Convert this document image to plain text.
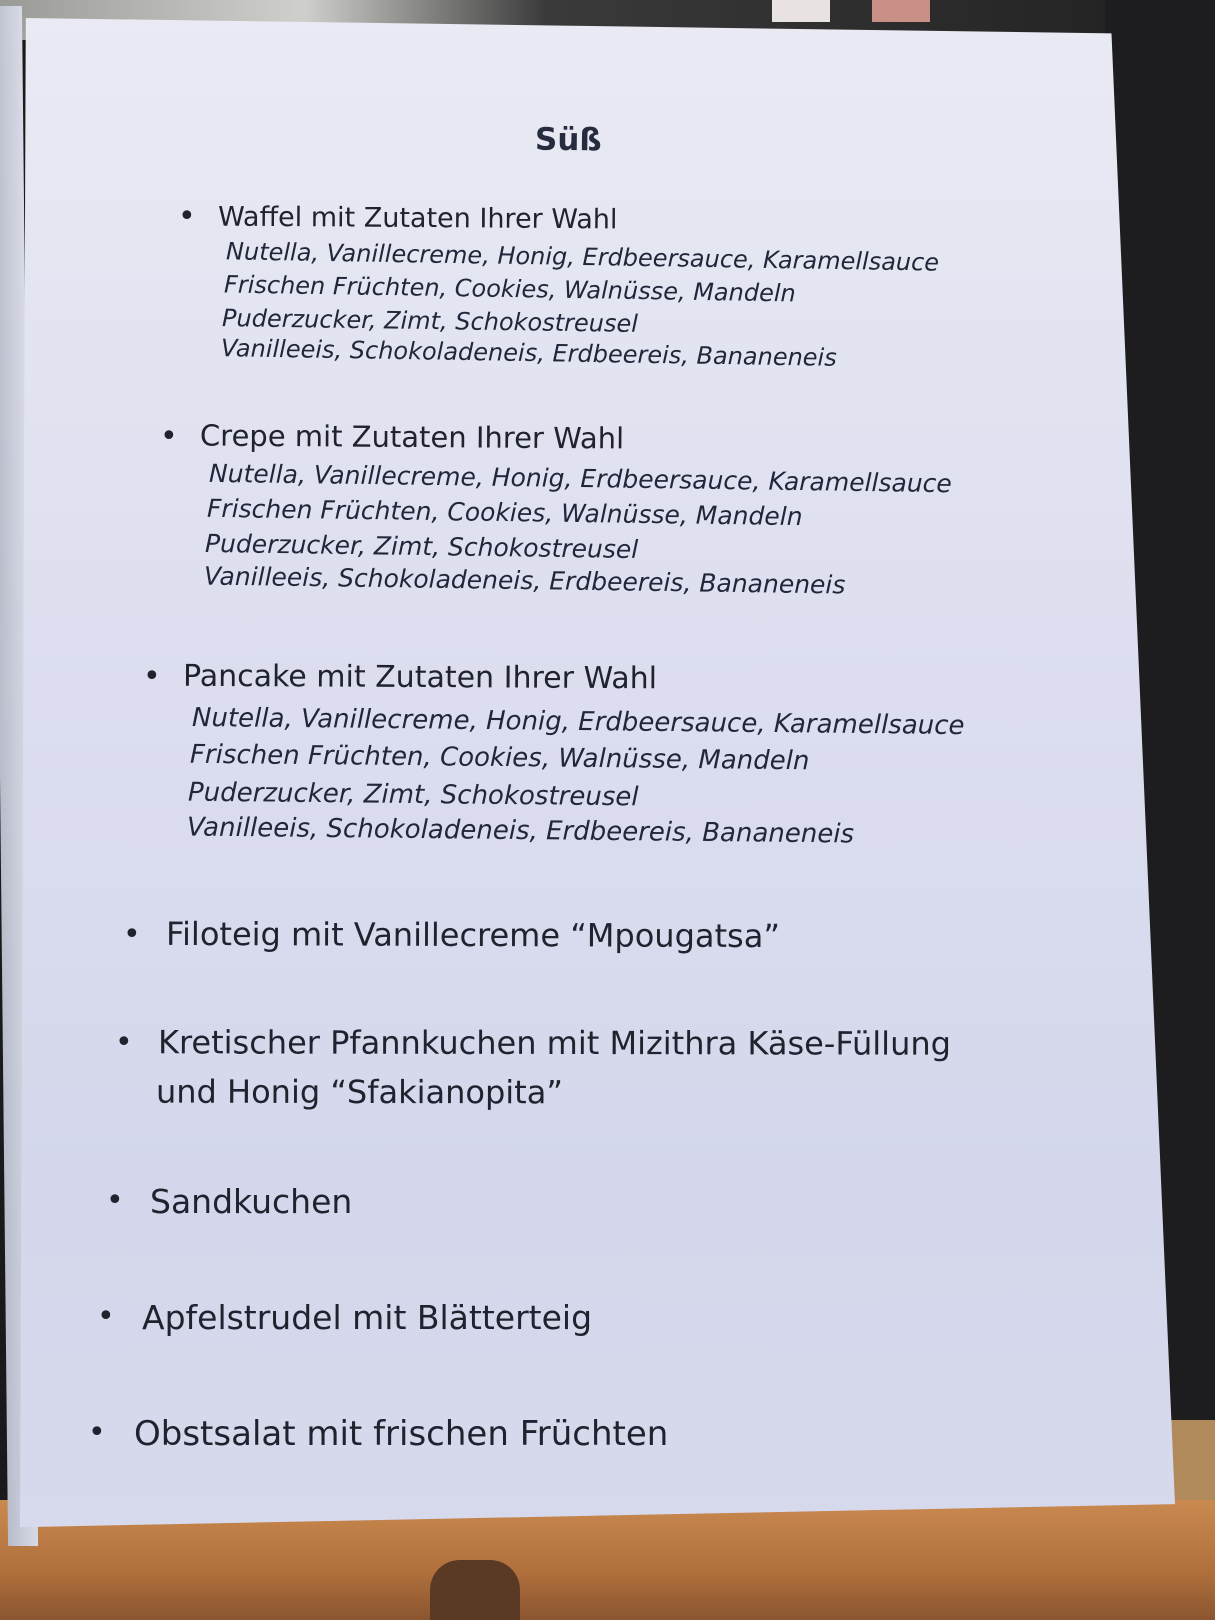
Süß
• Waffel mit Zutaten Ihrer Wahl
Nutella, Vanillecreme, Honig, Erdbeersauce, Karamellsauce
Frischen Früchten, Cookies, Walnüsse, Mandeln
Puderzucker, Zimt, Schokostreusel
Vanilleeis, Schokoladeneis, Erdbeereis, Bananeneis
• Crepe mit Zutaten Ihrer Wahl
Nutella, Vanillecreme, Honig, Erdbeersauce, Karamellsauce
Frischen Früchten, Cookies, Walnüsse, Mandeln
Puderzucker, Zimt, Schokostreusel
Vanilleeis, Schokoladeneis, Erdbeereis, Bananeneis
• Pancake mit Zutaten Ihrer Wahl
Nutella, Vanillecreme, Honig, Erdbeersauce, Karamellsauce
Frischen Früchten, Cookies, Walnüsse, Mandeln
Puderzucker, Zimt, Schokostreusel
Vanilleeis, Schokoladeneis, Erdbeereis, Bananeneis
• Filoteig mit Vanillecreme “Mpougatsa”
• Kretischer Pfannkuchen mit Mizithra Käse-Füllung
und Honig “Sfakianopita”
• Sandkuchen
• Apfelstrudel mit Blätterteig
• Obstsalat mit frischen Früchten
